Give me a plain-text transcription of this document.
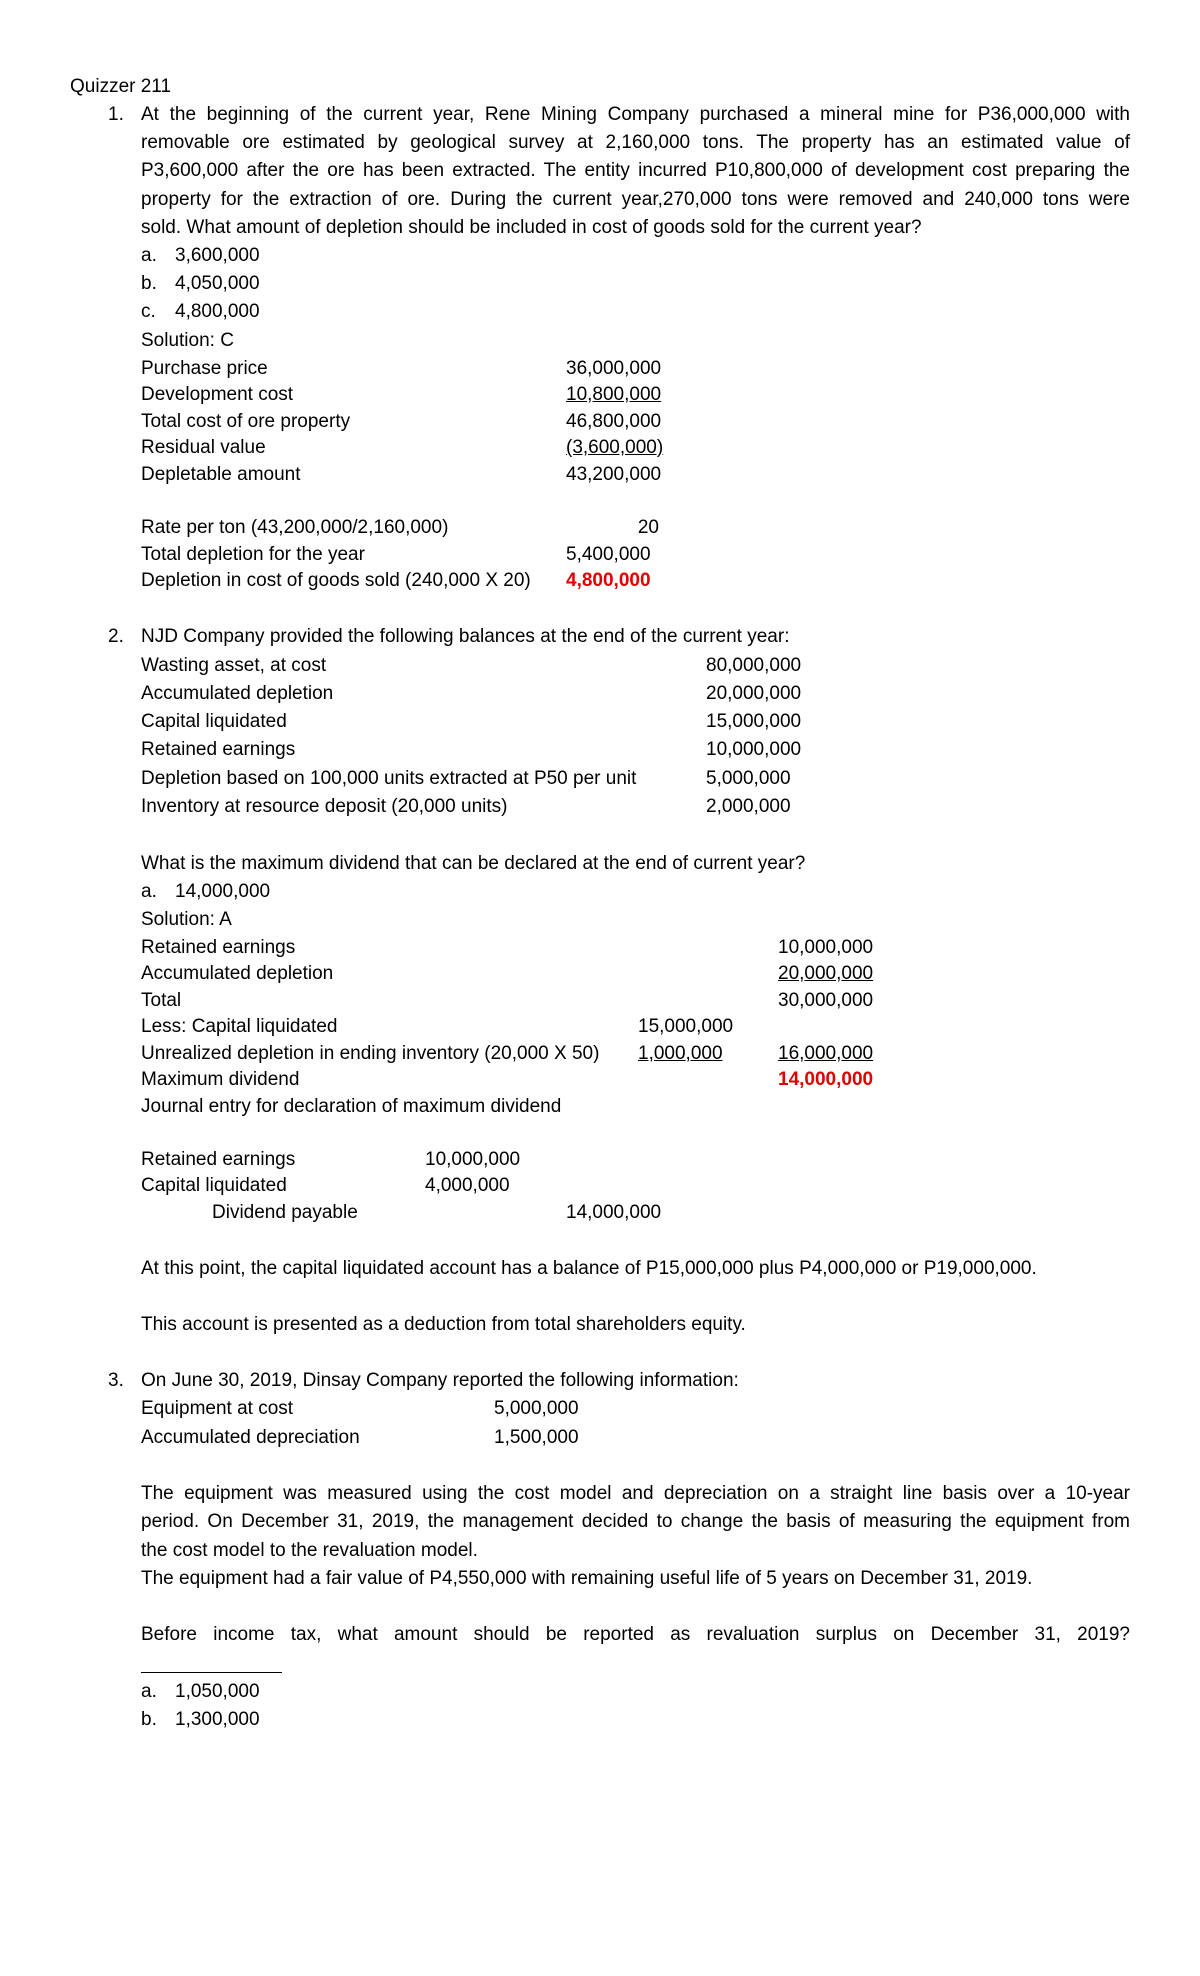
Quizzer 211
1. At the beginning of the current year, Rene Mining Company purchased a mineral mine for P36,000,000 with
removable ore estimated by geological survey at 2,160,000 tons. The property has an estimated value of
P3,600,000 after the ore has been extracted. The entity incurred P10,800,000 of development cost preparing the
property for the extraction of ore. During the current year,270,000 tons were removed and 240,000 tons were
sold. What amount of depletion should be included in cost of goods sold for the current year?
a. 3,600,000
b. 4,050,000
c. 4,800,000
Solution: C
Purchase price	36,000,000
Development cost	10,800,000
Total cost of ore property	46,800,000
Residual value	(3,600,000)
Depletable amount	43,200,000
Rate per ton (43,200,000/2,160,000)	20
Total depletion for the year	5,400,000
Depletion in cost of goods sold (240,000 X 20) 4,800,000
2. NJD Company provided the following balances at the end of the current year:
Wasting asset, at cost	80,000,000
Accumulated depletion	20,000,000
Capital liquidated	15,000,000
Retained earnings	10,000,000
Depletion based on 100,000 units extracted at P50 per unit	5,000,000
Inventory at resource deposit (20,000 units)	2,000,000
What is the maximum dividend that can be declared at the end of current year?
a. 14,000,000
Solution: A
Retained earnings	10,000,000
Accumulated depletion	20,000,000
Total	30,000,000
Less: Capital liquidated	15,000,000
Unrealized depletion in ending inventory (20,000 X 50) 1,000,000	16,000,000
Maximum dividend	14,000,000
Journal entry for declaration of maximum dividend
Retained earnings	10,000,000
Capital liquidated	4,000,000
Dividend payable	14,000,000
At this point, the capital liquidated account has a balance of P15,000,000 plus P4,000,000 or P19,000,000.
This account is presented as a deduction from total shareholders equity.
3. On June 30, 2019, Dinsay Company reported the following information:
Equipment at cost	5,000,000
Accumulated depreciation	1,500,000
The equipment was measured using the cost model and depreciation on a straight line basis over a 10-year
period. On December 31, 2019, the management decided to change the basis of measuring the equipment from
the cost model to the revaluation model.
The equipment had a fair value of P4,550,000 with remaining useful life of 5 years on December 31, 2019.
Before income tax, what amount should be reported as revaluation surplus on December 31, 2019?
a. 1,050,000
b. 1,300,000
